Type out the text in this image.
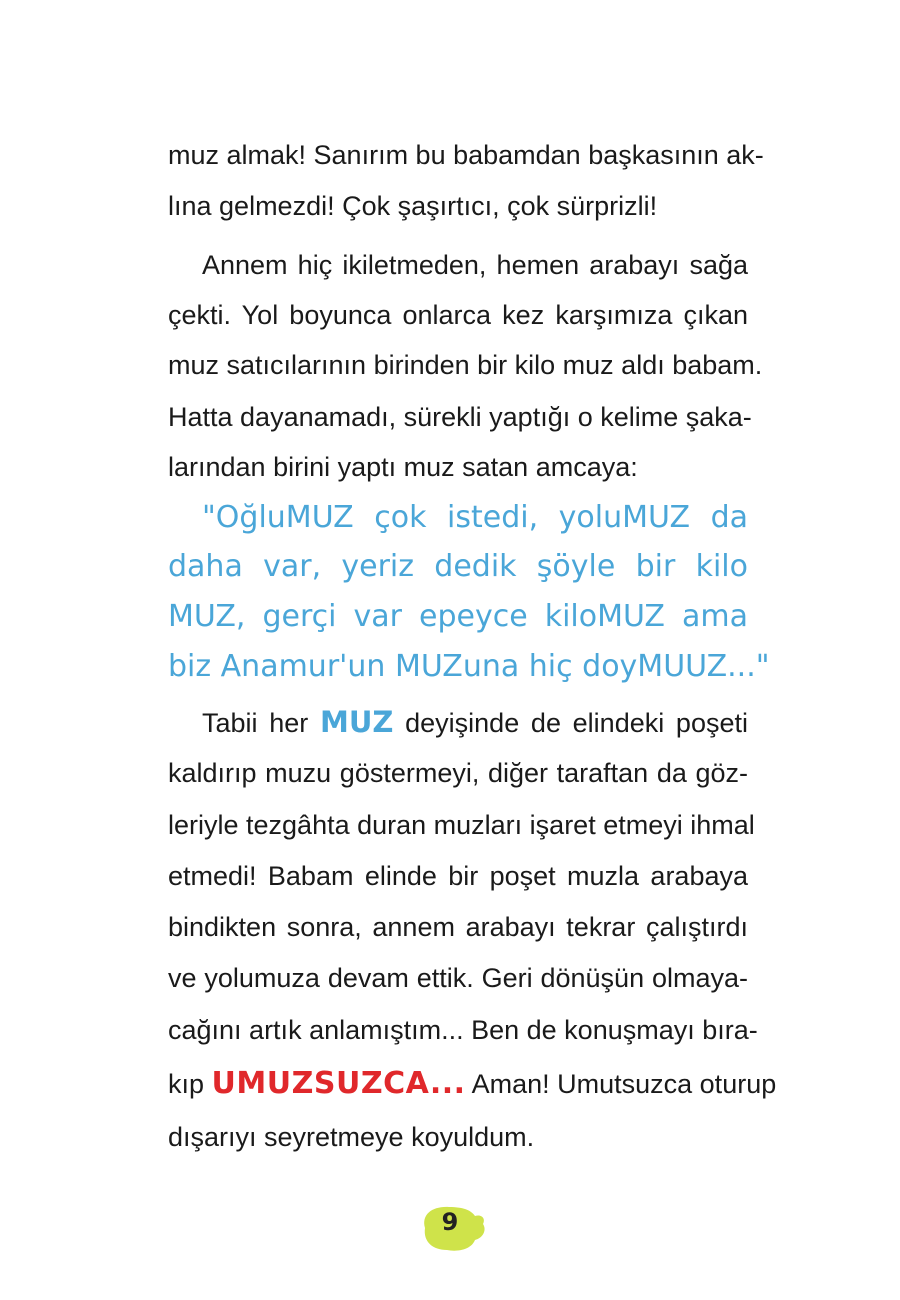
muz almak! Sanırım bu babamdan başkasının ak-
lına gelmezdi! Çok şaşırtıcı, çok sürprizli!
Annem hiç ikiletmeden, hemen arabayı sağa
çekti. Yol boyunca onlarca kez karşımıza çıkan
muz satıcılarının birinden bir kilo muz aldı babam.
Hatta dayanamadı, sürekli yaptığı o kelime şaka-
larından birini yaptı muz satan amcaya:
"OğluMUZ çok istedi, yoluMUZ da
daha var, yeriz dedik şöyle bir kilo
MUZ, gerçi var epeyce kiloMUZ ama
biz Anamur'un MUZuna hiç doyMUUZ..."
Tabii her MUZ deyişinde de elindeki poşeti
kaldırıp muzu göstermeyi, diğer taraftan da göz-
leriyle tezgâhta duran muzları işaret etmeyi ihmal
etmedi! Babam elinde bir poşet muzla arabaya
bindikten sonra, annem arabayı tekrar çalıştırdı
ve yolumuza devam ettik. Geri dönüşün olmaya-
cağını artık anlamıştım... Ben de konuşmayı bıra-
kıp UMUZSUZCA... Aman! Umutsuzca oturup
dışarıyı seyretmeye koyuldum.
9
